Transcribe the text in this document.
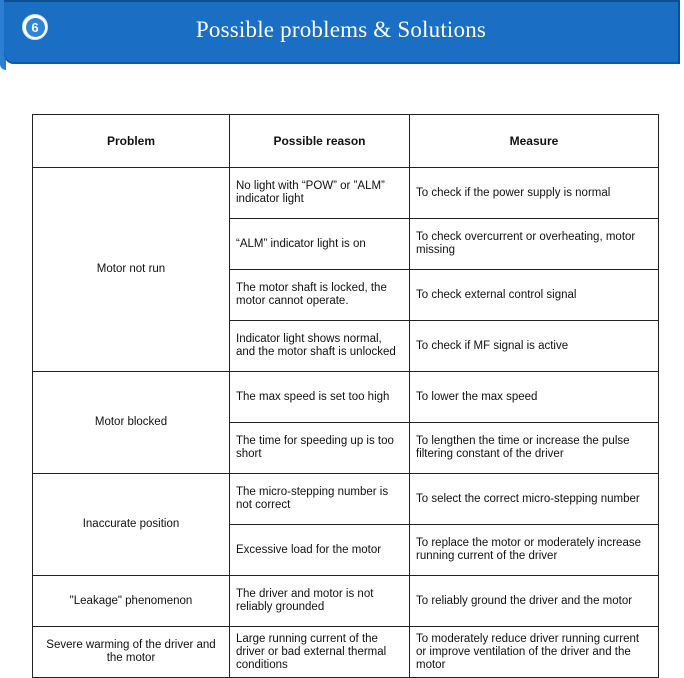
6	Possible problems & Solutions
Problem	Possible reason	Measure
Motor not run	No light with “POW” or ”ALM” indicator light	To check if the power supply is normal
	“ALM” indicator light is on	To check overcurrent or overheating, motor missing
	The motor shaft is locked, the motor cannot operate.	To check external control signal
	Indicator light shows normal, and the motor shaft is unlocked	To check if MF signal is active
Motor blocked	The max speed is set too high	To lower the max speed
	The time for speeding up is too short	To lengthen the time or increase the pulse filtering constant of the driver
Inaccurate position	The micro-stepping number is not correct	To select the correct micro-stepping number
	Excessive load for the motor	To replace the motor or moderately increase running current of the driver
"Leakage" phenomenon	The driver and motor is not reliably grounded	To reliably ground the driver and the motor
Severe warming of the driver and the motor	Large running current of the driver or bad external thermal conditions	To moderately reduce driver running current or improve ventilation of the driver and the motor
